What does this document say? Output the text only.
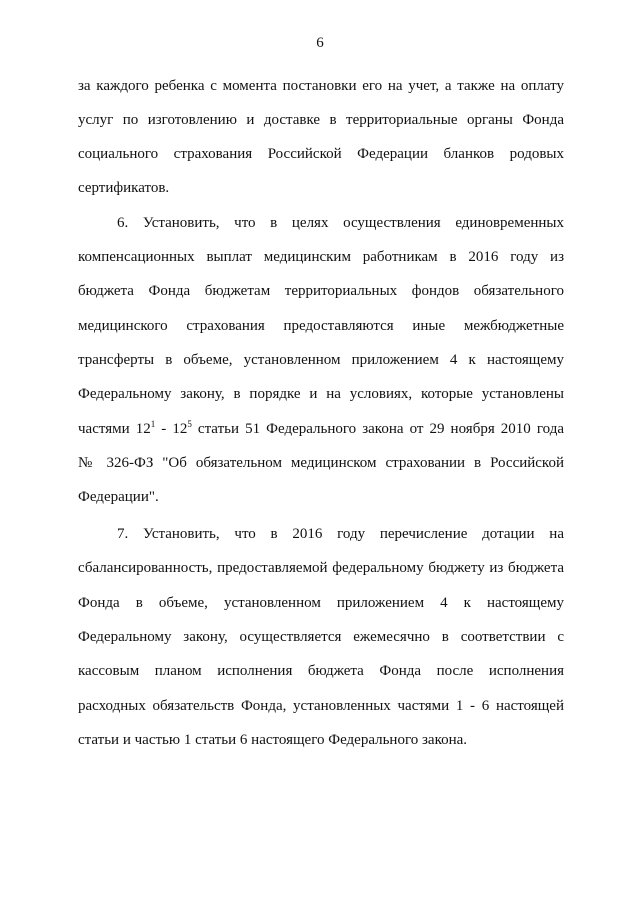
6
за каждого ребенка с момента постановки его на учет, а также на оплату
услуг по изготовлению и доставке в территориальные органы Фонда
социального страхования Российской Федерации бланков родовых
сертификатов.
6. Установить, что в целях осуществления единовременных
компенсационных выплат медицинским работникам в 2016 году из
бюджета Фонда бюджетам территориальных фондов обязательного
медицинского страхования предоставляются иные межбюджетные
трансферты в объеме, установленном приложением 4 к настоящему
Федеральному закону, в порядке и на условиях, которые установлены
частями $12^1 - 12^5$ статьи 51 Федерального закона от 29 ноября 2010 года
№ 326-ФЗ "Об обязательном медицинском страховании в Российской
Федерации".
7. Установить, что в 2016 году перечисление дотации на
сбалансированность, предоставляемой федеральному бюджету из бюджета
Фонда в объеме, установленном приложением 4 к настоящему
Федеральному закону, осуществляется ежемесячно в соответствии с
кассовым планом исполнения бюджета Фонда после исполнения
расходных обязательств Фонда, установленных частями 1 - 6 настоящей
статьи и частью 1 статьи 6 настоящего Федерального закона.
